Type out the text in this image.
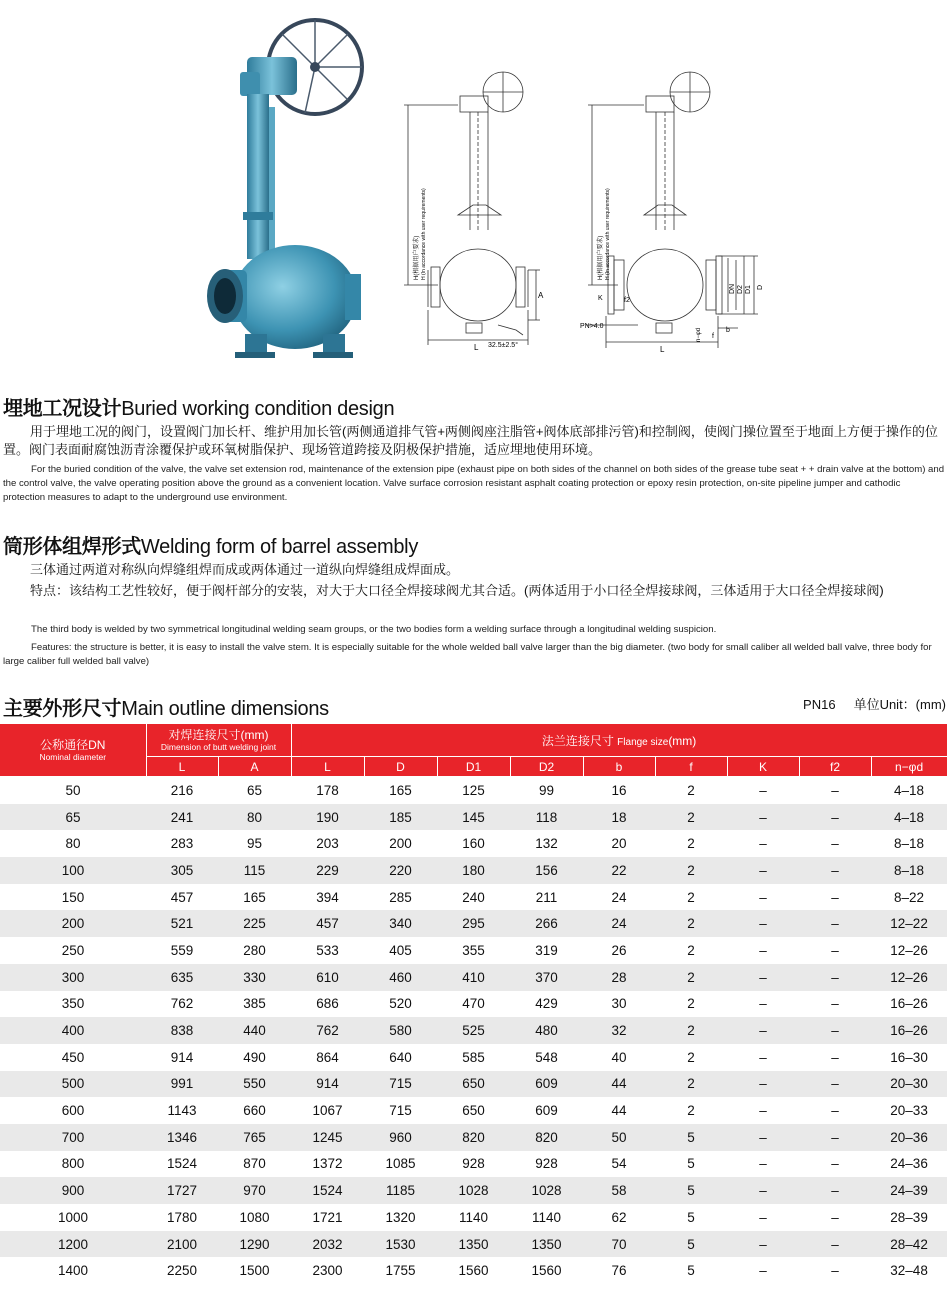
H(根据用户要求) H (In accordance with user requirements)
A
L 32.5±2.5°
H(根据用户要求) H (In accordance with user requirements)
K	f2
DN D2 D1 D
PN>4.0
n−φd	b
f
L
埋地工况设计Buried working condition design

用于埋地工况的阀门，设置阀门加长杆、维护用加长管(两侧通道排气管+两侧阀座注脂管+阀体底部排污管)和控制阀，使阀门操位置至于地面上方便于操作的位置。阀门表面耐腐蚀沥青涂覆保护或环氧树脂保护、现场管道跨接及阴极保护措施，适应埋地使用环境。

For the buried condition of the valve, the valve set extension rod, maintenance of the extension pipe (exhaust pipe on both sides of the channel on both sides of the grease tube seat + + drain valve at the bottom) and the control valve, the valve operating position above the ground as a convenient location. Valve surface corrosion resistant asphalt coating protection or epoxy resin protection, on-site pipeline jumper and cathodic protection measures to adapt to the underground use environment.

筒形体组焊形式Welding form of barrel assembly

三体通过两道对称纵向焊缝组焊而成或两体通过一道纵向焊缝组成焊面成。

特点：该结构工艺性较好，便于阀杆部分的安装，对大于大口径全焊接球阀尤其合适。(两体适用于小口径全焊接球阀，三体适用于大口径全焊接球阀)

The third body is welded by two symmetrical longitudinal welding seam groups, or the two bodies form a welding surface through a longitudinal welding suspicion.

Features: the structure is better, it is easy to install the valve stem. It is especially suitable for the whole welded ball valve larger than the big diameter. (two body for small caliber all welded ball valve, three body for large caliber full welded ball valve)

主要外形尺寸Main outline dimensions	PN16 单位Unit：(mm)
公称通径DN
Nominal diameter	对焊连接尺寸(mm)
Dimension of butt welding joint		法兰连接尺寸 Flange size(mm)								
	L	A	L	D	D1	D2	b	f	K	f2	n−φd
50	216	65	178	165	125	99	16	2	–	–	4–18
65	241	80	190	185	145	118	18	2	–	–	4–18
80	283	95	203	200	160	132	20	2	–	–	8–18
100	305	115	229	220	180	156	22	2	–	–	8–18
150	457	165	394	285	240	211	24	2	–	–	8–22
200	521	225	457	340	295	266	24	2	–	–	12–22
250	559	280	533	405	355	319	26	2	–	–	12–26
300	635	330	610	460	410	370	28	2	–	–	12–26
350	762	385	686	520	470	429	30	2	–	–	16–26
400	838	440	762	580	525	480	32	2	–	–	16–26
450	914	490	864	640	585	548	40	2	–	–	16–30
500	991	550	914	715	650	609	44	2	–	–	20–30
600	1143	660	1067	715	650	609	44	2	–	–	20–33
700	1346	765	1245	960	820	820	50	5	–	–	20–36
800	1524	870	1372	1085	928	928	54	5	–	–	24–36
900	1727	970	1524	1185	1028	1028	58	5	–	–	24–39
1000	1780	1080	1721	1320	1140	1140	62	5	–	–	28–39
1200	2100	1290	2032	1530	1350	1350	70	5	–	–	28–42
1400	2250	1500	2300	1755	1560	1560	76	5	–	–	32–48
